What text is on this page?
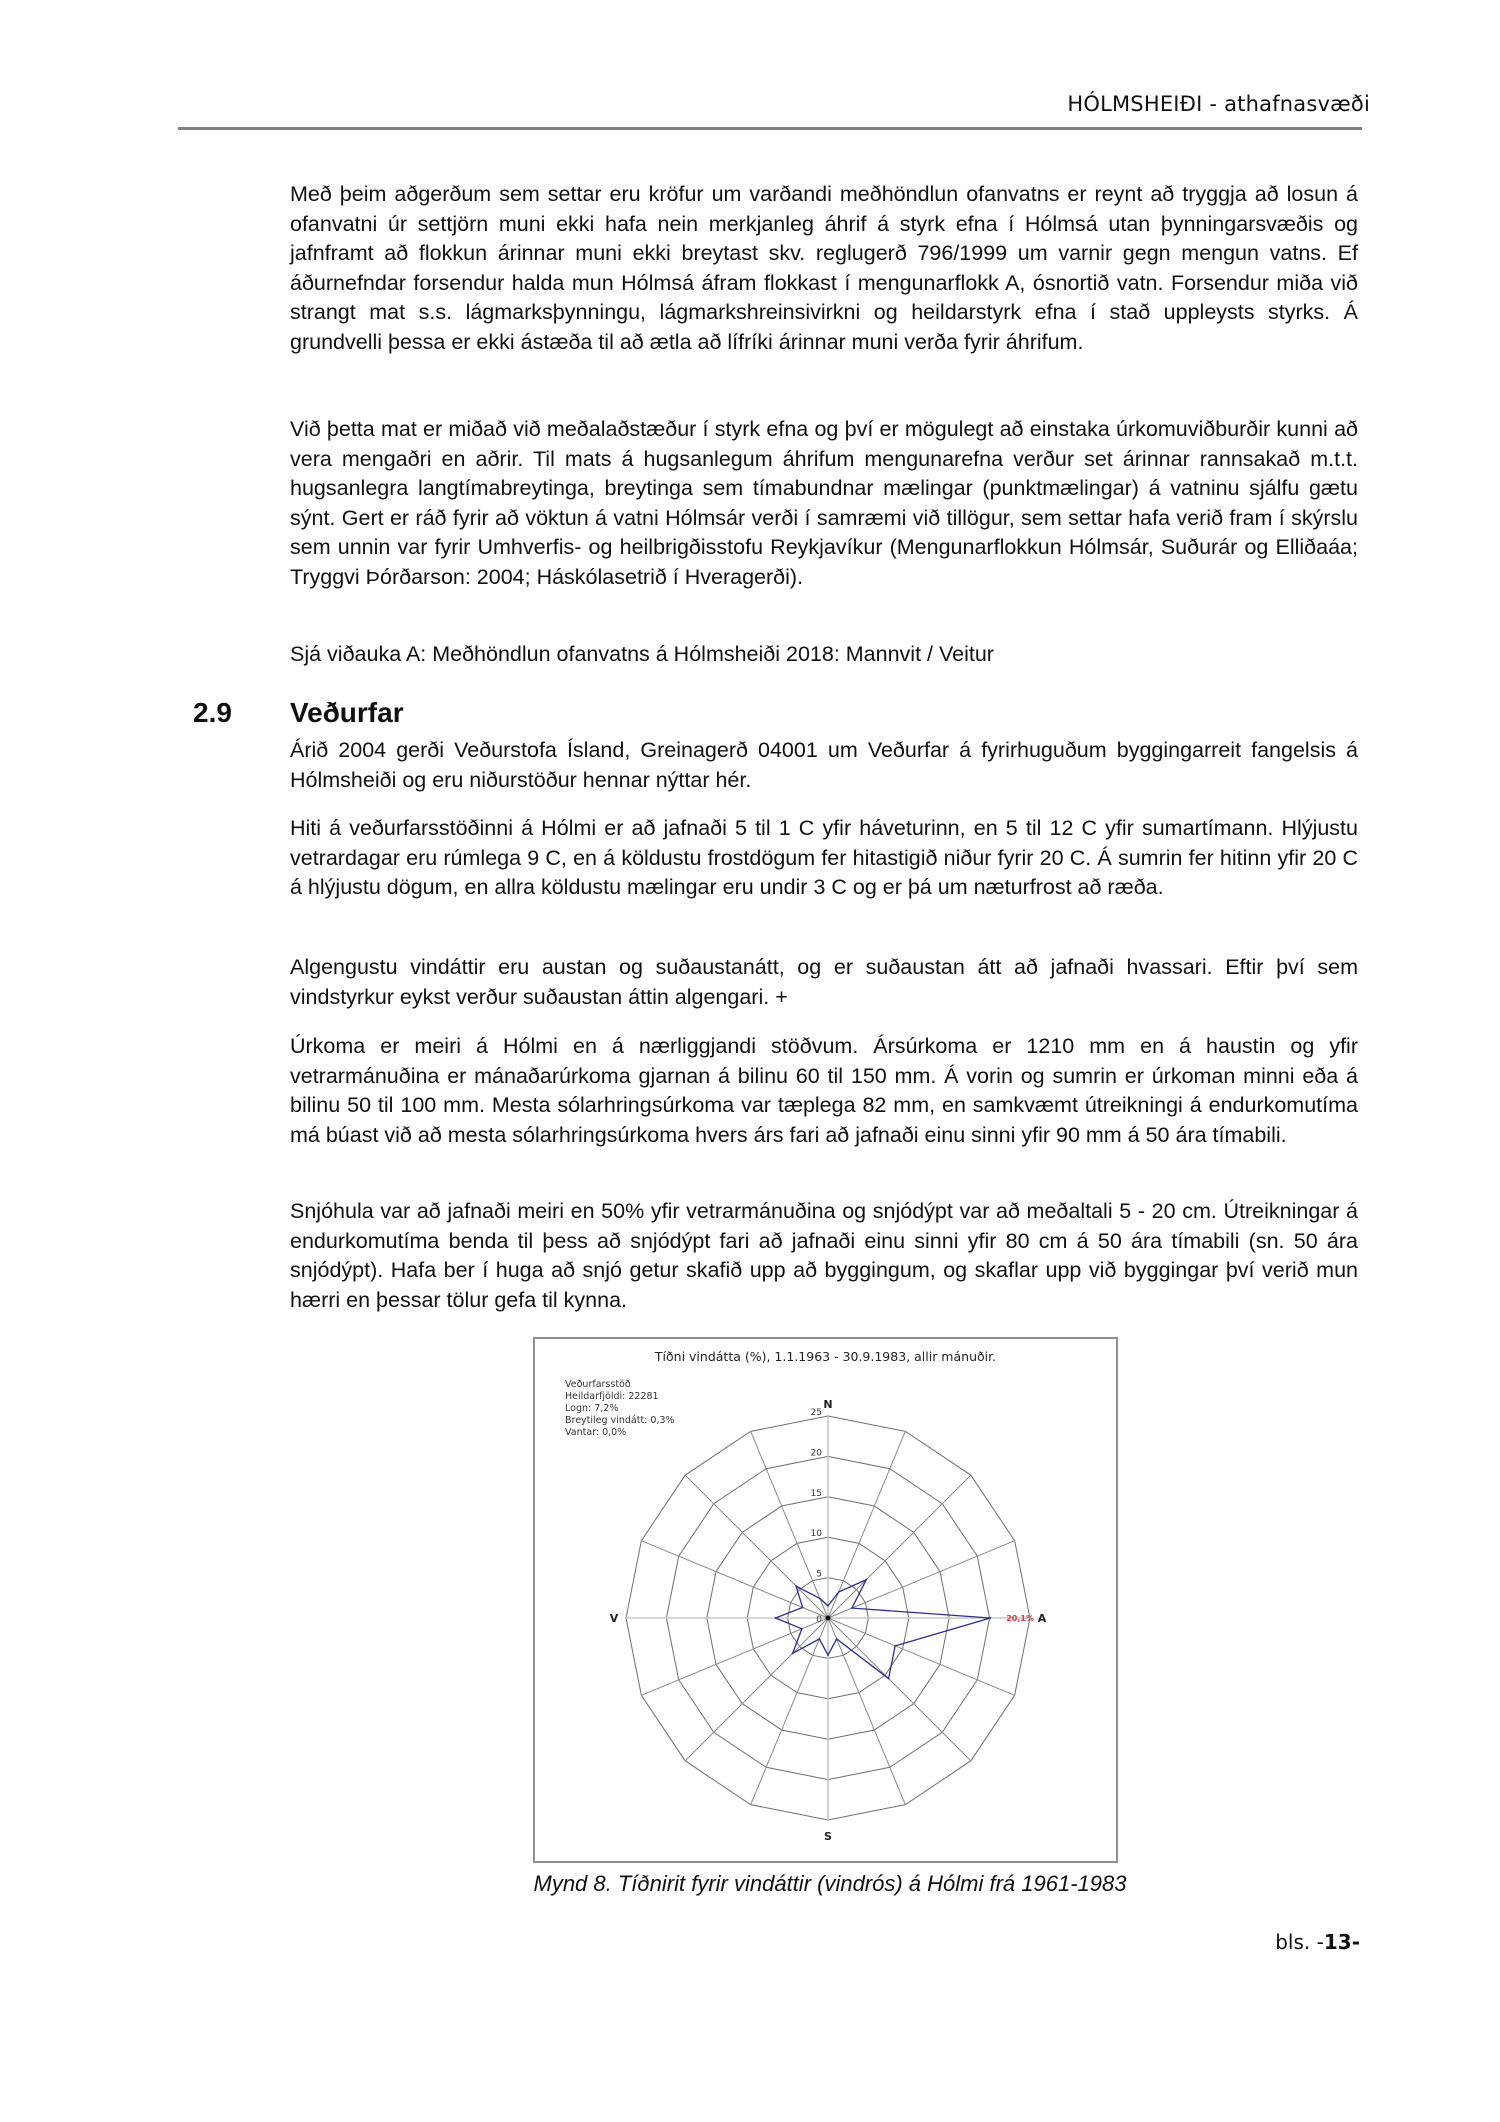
HÓLMSHEIÐI - athafnasvæði

Með þeim aðgerðum sem settar eru kröfur um varðandi meðhöndlun ofanvatns er reynt að tryggja að losun á ofanvatni úr settjörn muni ekki hafa nein merkjanleg áhrif á styrk efna í Hólmsá utan þynningarsvæðis og jafnframt að flokkun árinnar muni ekki breytast skv. reglugerð 796/1999 um varnir gegn mengun vatns. Ef áðurnefndar forsendur halda mun Hólmsá áfram flokkast í mengunarflokk A, ósnortið vatn. Forsendur miða við strangt mat s.s. lágmarksþynningu, lágmarkshreinsivirkni og heildarstyrk efna í stað uppleysts styrks. Á grundvelli þessa er ekki ástæða til að ætla að lífríki árinnar muni verða fyrir áhrifum.

Við þetta mat er miðað við meðalaðstæður í styrk efna og því er mögulegt að einstaka úrkomuviðburðir kunni að vera mengaðri en aðrir. Til mats á hugsanlegum áhrifum mengunarefna verður set árinnar rannsakað m.t.t. hugsanlegra langtímabreytinga, breytinga sem tímabundnar mælingar (punktmælingar) á vatninu sjálfu gætu sýnt. Gert er ráð fyrir að vöktun á vatni Hólmsár verði í samræmi við tillögur, sem settar hafa verið fram í skýrslu sem unnin var fyrir Umhverfis- og heilbrigðisstofu Reykjavíkur (Mengunarflokkun Hólmsár, Suðurár og Elliðaáa; Tryggvi Þórðarson: 2004; Háskólasetrið í Hveragerði).

Sjá viðauka A: Meðhöndlun ofanvatns á Hólmsheiði 2018: Mannvit / Veitur

2.9 Veðurfar

Árið 2004 gerði Veðurstofa Ísland, Greinagerð 04001 um Veðurfar á fyrirhuguðum byggingarreit fangelsis á Hólmsheiði og eru niðurstöður hennar nýttar hér.

Hiti á veðurfarsstöðinni á Hólmi er að jafnaði 5 til 1 C yfir háveturinn, en 5 til 12 C yfir sumartímann. Hlýjustu vetrardagar eru rúmlega 9 C, en á köldustu frostdögum fer hitastigið niður fyrir 20 C. Á sumrin fer hitinn yfir 20 C á hlýjustu dögum, en allra köldustu mælingar eru undir 3 C og er þá um næturfrost að ræða.

Algengustu vindáttir eru austan og suðaustanátt, og er suðaustan átt að jafnaði hvassari. Eftir því sem vindstyrkur eykst verður suðaustan áttin algengari. +

Úrkoma er meiri á Hólmi en á nærliggjandi stöðvum. Ársúrkoma er 1210 mm en á haustin og yfir vetrarmánuðina er mánaðarúrkoma gjarnan á bilinu 60 til 150 mm. Á vorin og sumrin er úrkoman minni eða á bilinu 50 til 100 mm. Mesta sólarhringsúrkoma var tæplega 82 mm, en samkvæmt útreikningi á endurkomutíma má búast við að mesta sólarhringsúrkoma hvers árs fari að jafnaði einu sinni yfir 90 mm á 50 ára tímabili.

Snjóhula var að jafnaði meiri en 50% yfir vetrarmánuðina og snjódýpt var að meðaltali 5 - 20 cm. Útreikningar á endurkomutíma benda til þess að snjódýpt fari að jafnaði einu sinni yfir 80 cm á 50 ára tímabili (sn. 50 ára snjódýpt). Hafa ber í huga að snjó getur skafið upp að byggingum, og skaflar upp við byggingar því verið mun hærri en þessar tölur gefa til kynna.

Tíðni vindátta (%), 1.1.1963 - 30.9.1983, allir mánuðir.
Veðurfarsstöð
Heildarfjöldi: 22281
Logn: 7,2%
Breytileg vindátt: 0,3%
Vantar: 0,0%
0
5
10
15
20
25
N
S
V	A
20,1%
Mynd 8. Tíðnirit fyrir vindáttir (vindrós) á Hólmi frá 1961-1983
bls. -13-
